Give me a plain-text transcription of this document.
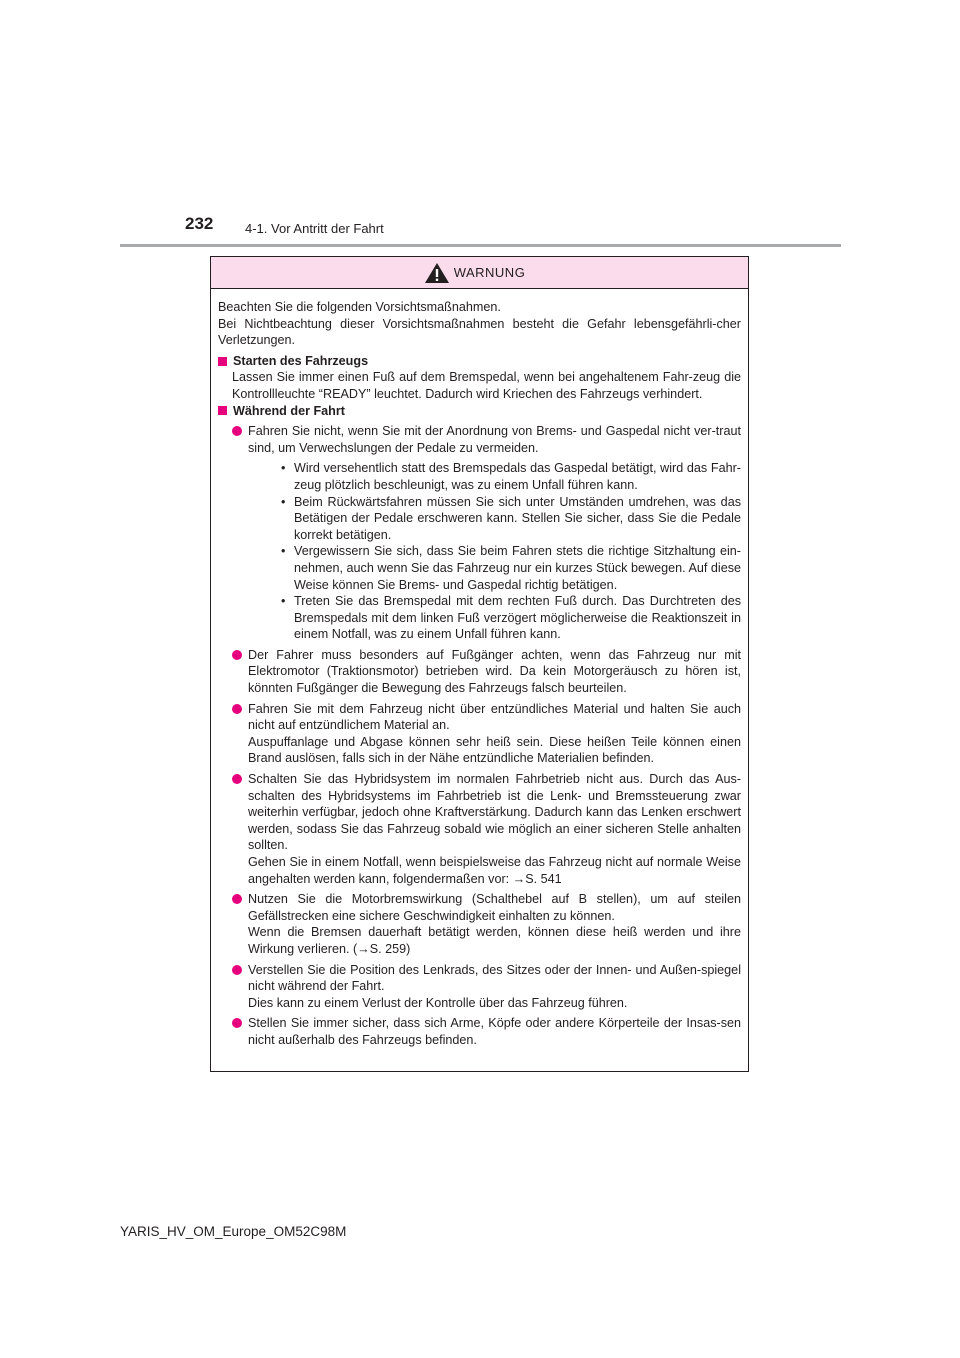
232 4-1. Vor Antritt der Fahrt
WARNUNG

Beachten Sie die folgenden Vorsichtsmaßnahmen.

Bei Nichtbeachtung dieser Vorsichtsmaßnahmen besteht die Gefahr lebensgefährli-cher Verletzungen.

Starten des Fahrzeugs

Lassen Sie immer einen Fuß auf dem Bremspedal, wenn bei angehaltenem Fahr-zeug die Kontrollleuchte “READY” leuchtet. Dadurch wird Kriechen des Fahrzeugs verhindert.

Während der Fahrt

Fahren Sie nicht, wenn Sie mit der Anordnung von Brems- und Gaspedal nicht ver-traut sind, um Verwechslungen der Pedale zu vermeiden.

• Wird versehentlich statt des Bremspedals das Gaspedal betätigt, wird das Fahr-zeug plötzlich beschleunigt, was zu einem Unfall führen kann.
• Beim Rückwärtsfahren müssen Sie sich unter Umständen umdrehen, was das Betätigen der Pedale erschweren kann. Stellen Sie sicher, dass Sie die Pedale korrekt betätigen.
• Vergewissern Sie sich, dass Sie beim Fahren stets die richtige Sitzhaltung ein-nehmen, auch wenn Sie das Fahrzeug nur ein kurzes Stück bewegen. Auf diese Weise können Sie Brems- und Gaspedal richtig betätigen.
• Treten Sie das Bremspedal mit dem rechten Fuß durch. Das Durchtreten des Bremspedals mit dem linken Fuß verzögert möglicherweise die Reaktionszeit in einem Notfall, was zu einem Unfall führen kann.

Der Fahrer muss besonders auf Fußgänger achten, wenn das Fahrzeug nur mit Elektromotor (Traktionsmotor) betrieben wird. Da kein Motorgeräusch zu hören ist, könnten Fußgänger die Bewegung des Fahrzeugs falsch beurteilen.

Fahren Sie mit dem Fahrzeug nicht über entzündliches Material und halten Sie auch nicht auf entzündlichem Material an.

Auspuffanlage und Abgase können sehr heiß sein. Diese heißen Teile können einen Brand auslösen, falls sich in der Nähe entzündliche Materialien befinden.

Schalten Sie das Hybridsystem im normalen Fahrbetrieb nicht aus. Durch das Aus-schalten des Hybridsystems im Fahrbetrieb ist die Lenk- und Bremssteuerung zwar weiterhin verfügbar, jedoch ohne Kraftverstärkung. Dadurch kann das Lenken erschwert werden, sodass Sie das Fahrzeug sobald wie möglich an einer sicheren Stelle anhalten sollten.

Gehen Sie in einem Notfall, wenn beispielsweise das Fahrzeug nicht auf normale Weise angehalten werden kann, folgendermaßen vor: →S. 541

Nutzen Sie die Motorbremswirkung (Schalthebel auf B stellen), um auf steilen Gefällstrecken eine sichere Geschwindigkeit einhalten zu können.

Wenn die Bremsen dauerhaft betätigt werden, können diese heiß werden und ihre Wirkung verlieren. (→S. 259)

Verstellen Sie die Position des Lenkrads, des Sitzes oder der Innen- und Außen-spiegel nicht während der Fahrt.

Dies kann zu einem Verlust der Kontrolle über das Fahrzeug führen.

Stellen Sie immer sicher, dass sich Arme, Köpfe oder andere Körperteile der Insas-sen nicht außerhalb des Fahrzeugs befinden.

YARIS_HV_OM_Europe_OM52C98M
